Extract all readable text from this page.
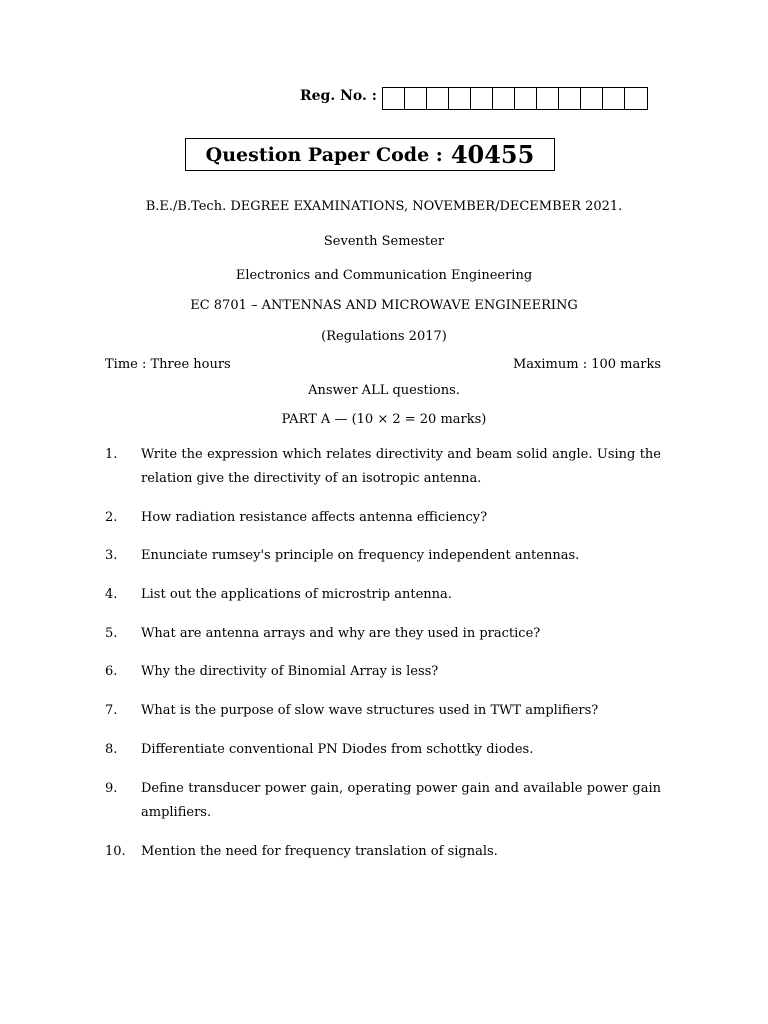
Reg. No. :
Question Paper Code : 40455
B.E./B.Tech. DEGREE EXAMINATIONS, NOVEMBER/DECEMBER 2021.
Seventh Semester
Electronics and Communication Engineering
EC 8701 – ANTENNAS AND MICROWAVE ENGINEERING
(Regulations 2017)
Time : Three hours	Maximum : 100 marks
Answer ALL questions.
PART A — (10 × 2 = 20 marks)
1.	Write the expression which relates directivity and beam solid angle. Using the relation give the directivity of an isotropic antenna.
2.	How radiation resistance affects antenna efficiency?
3.	Enunciate rumsey's principle on frequency independent antennas.
4.	List out the applications of microstrip antenna.
5.	What are antenna arrays and why are they used in practice?
6.	Why the directivity of Binomial Array is less?
7.	What is the purpose of slow wave structures used in TWT amplifiers?
8.	Differentiate conventional PN Diodes from schottky diodes.
9.	Define transducer power gain, operating power gain and available power gain amplifiers.
10.	Mention the need for frequency translation of signals.
